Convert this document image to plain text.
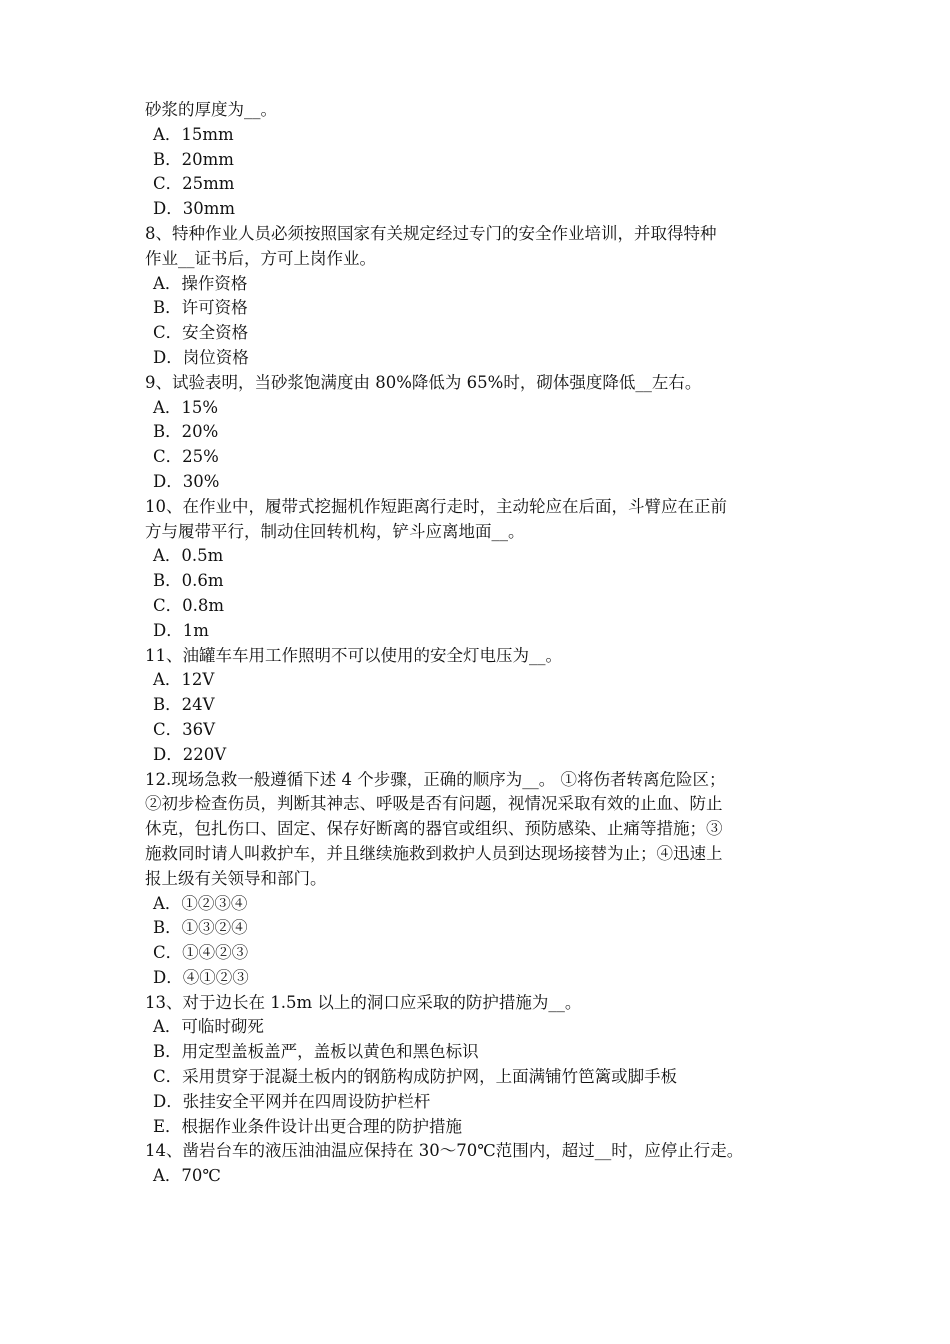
砂浆的厚度为__。
A．15mm
B．20mm
C．25mm
D．30mm
8、特种作业人员必须按照国家有关规定经过专门的安全作业培训，并取得特种
作业__证书后，方可上岗作业。
A．操作资格
B．许可资格
C．安全资格
D．岗位资格
9、试验表明，当砂浆饱满度由 80%降低为 65%时，砌体强度降低__左右。
A．15%
B．20%
C．25%
D．30%
10、在作业中，履带式挖掘机作短距离行走时，主动轮应在后面，斗臂应在正前
方与履带平行，制动住回转机构，铲斗应离地面__。
A．0.5m
B．0.6m
C．0.8m
D．1m
11、油罐车车用工作照明不可以使用的安全灯电压为__。
A．12V
B．24V
C．36V
D．220V
12.现场急救一般遵循下述 4 个步骤，正确的顺序为__。 ①将伤者转离危险区；
②初步检查伤员，判断其神志、呼吸是否有问题，视情况采取有效的止血、防止
休克，包扎伤口、固定、保存好断离的器官或组织、预防感染、止痛等措施；③
施救同时请人叫救护车，并且继续施救到救护人员到达现场接替为止；④迅速上
报上级有关领导和部门。
A．①②③④
B．①③②④
C．①④②③
D．④①②③
13、对于边长在 1.5m 以上的洞口应采取的防护措施为__。
A．可临时砌死
B．用定型盖板盖严，盖板以黄色和黑色标识
C．采用贯穿于混凝土板内的钢筋构成防护网，上面满铺竹笆篱或脚手板
D．张挂安全平网并在四周设防护栏杆
E．根据作业条件设计出更合理的防护措施
14、凿岩台车的液压油油温应保持在 30～70℃范围内，超过__时，应停止行走。
A．70℃
